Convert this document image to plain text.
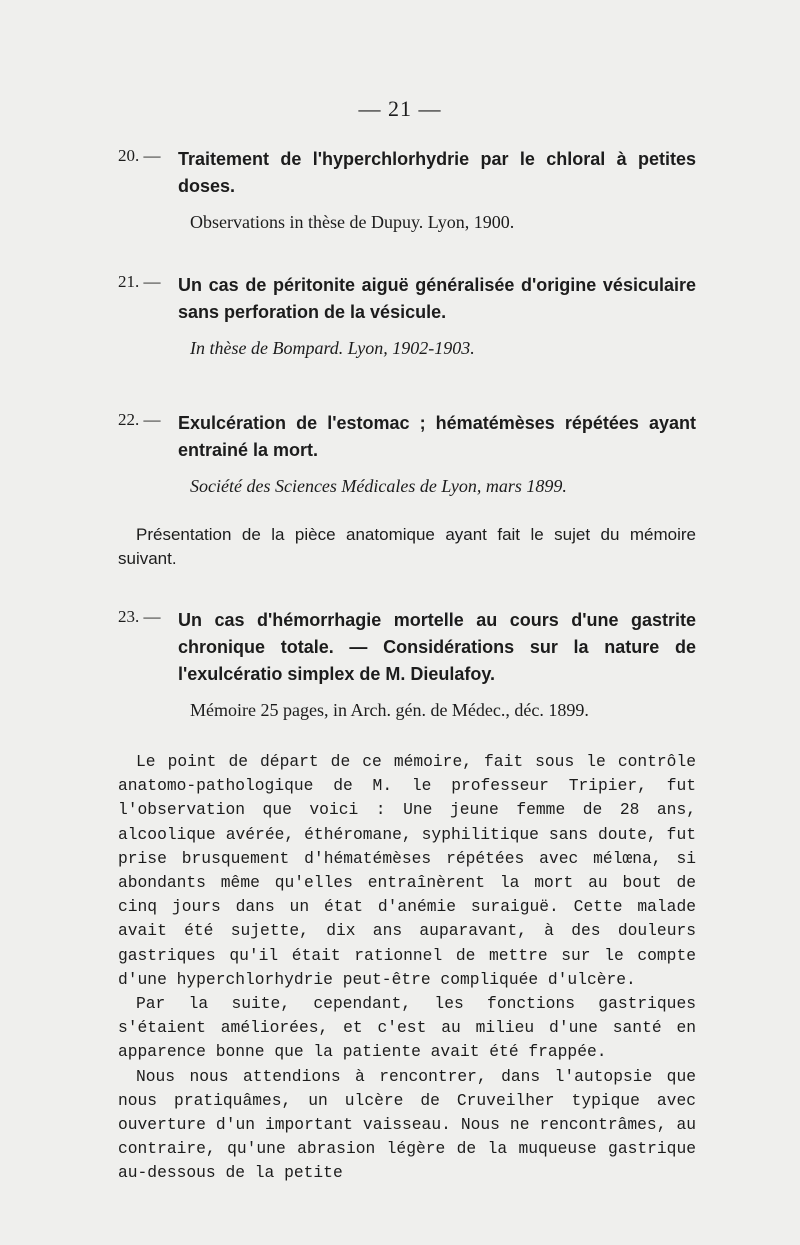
— 21 —
20. — Traitement de l'hyperchlorhydrie par le chloral à petites doses.
Observations in thèse de Dupuy. Lyon, 1900.
21. — Un cas de péritonite aiguë généralisée d'origine vésiculaire sans perforation de la vésicule.
In thèse de Bompard. Lyon, 1902-1903.
22. — Exulcération de l'estomac ; hématémèses répétées ayant entrainé la mort.
Société des Sciences Médicales de Lyon, mars 1899.

Présentation de la pièce anatomique ayant fait le sujet du mémoire suivant.

23. — Un cas d'hémorrhagie mortelle au cours d'une gastrite chronique totale. — Considérations sur la nature de l'exulcératio simplex de M. Dieulafoy.
Mémoire 25 pages, in Arch. gén. de Médec., déc. 1899.

Le point de départ de ce mémoire, fait sous le contrôle anatomo-pathologique de M. le professeur Tripier, fut l'observation que voici : Une jeune femme de 28 ans, alcoolique avérée, éthéromane, syphilitique sans doute, fut prise brusquement d'hématémèses répétées avec mélœna, si abondants même qu'elles entraînèrent la mort au bout de cinq jours dans un état d'anémie suraiguë. Cette malade avait été sujette, dix ans auparavant, à des douleurs gastriques qu'il était rationnel de mettre sur le compte d'une hyperchlorhydrie peut-être compliquée d'ulcère.

Par la suite, cependant, les fonctions gastriques s'étaient améliorées, et c'est au milieu d'une santé en apparence bonne que la patiente avait été frappée.

Nous nous attendions à rencontrer, dans l'autopsie que nous pratiquâmes, un ulcère de Cruveilher typique avec ouverture d'un important vaisseau. Nous ne rencontrâmes, au contraire, qu'une abrasion légère de la muqueuse gastrique au-dessous de la petite
